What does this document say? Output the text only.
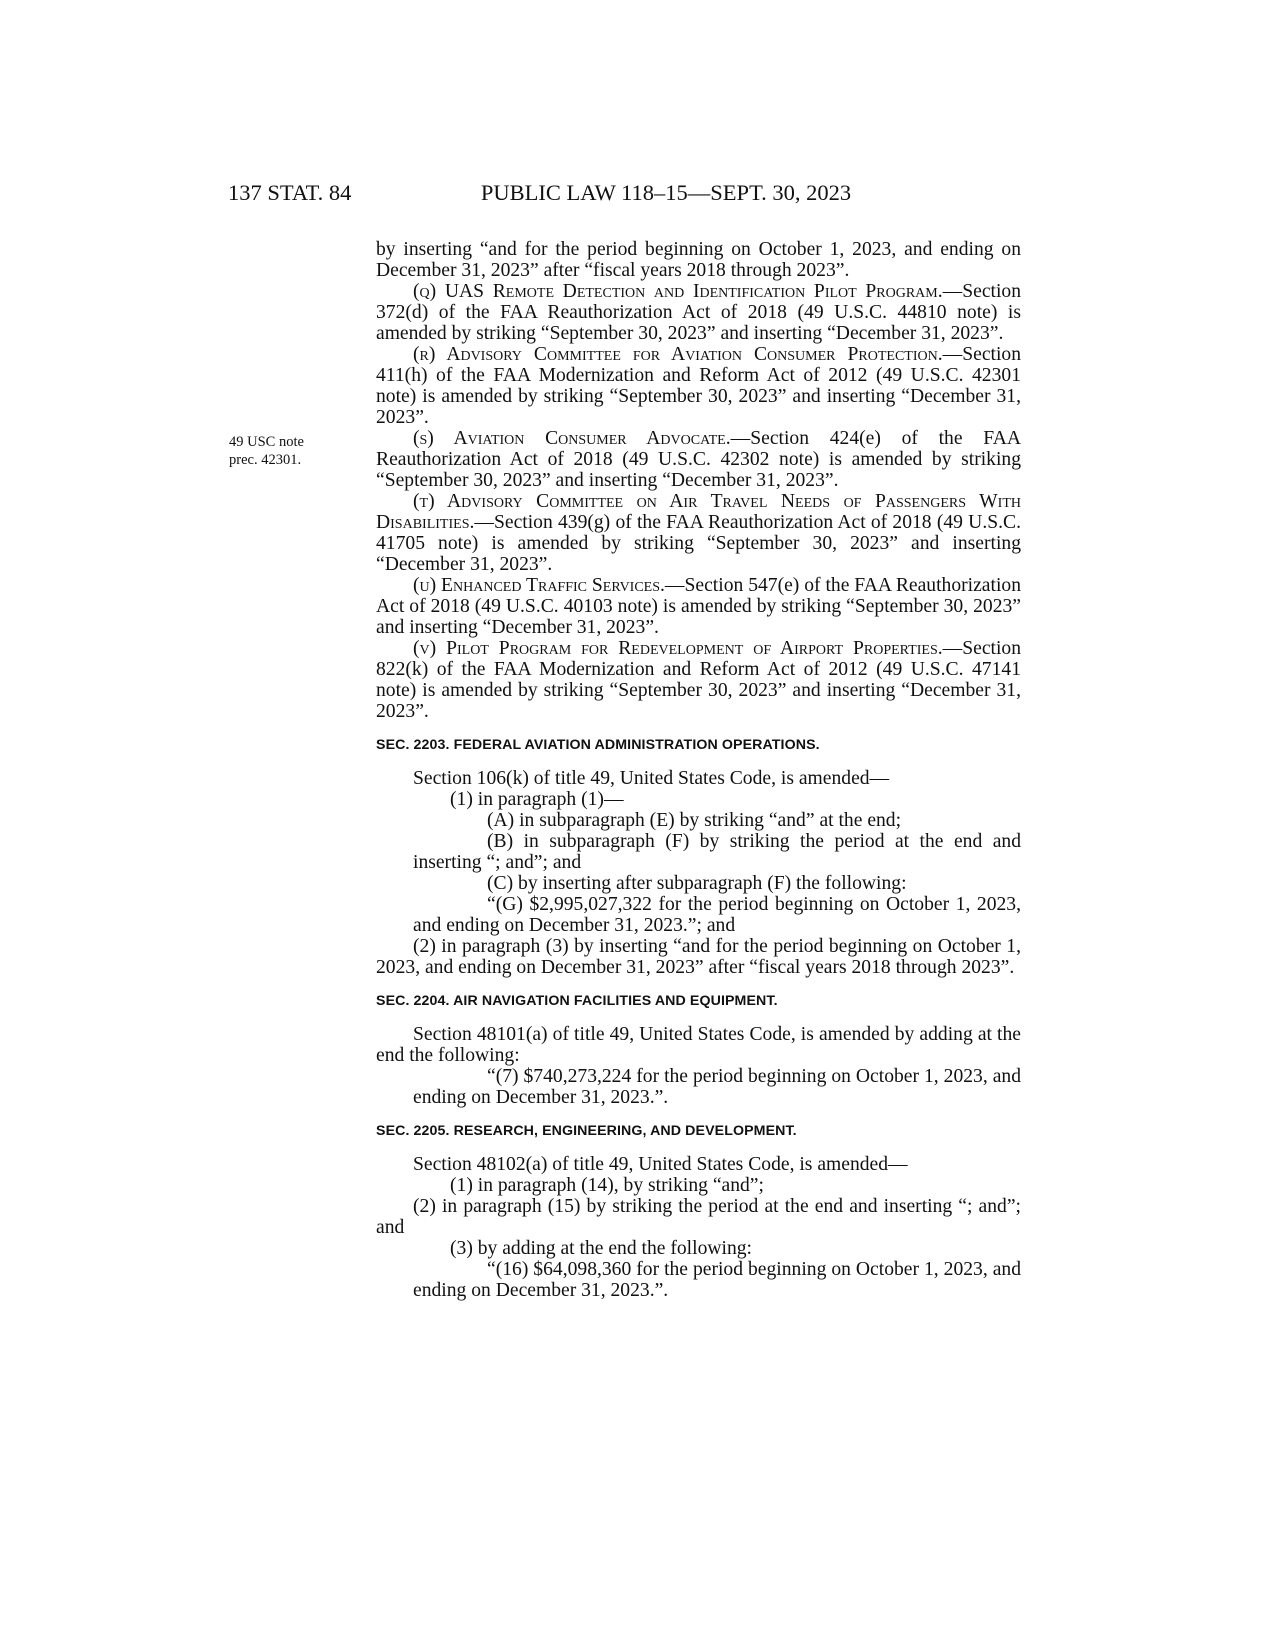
137 STAT. 84	PUBLIC LAW 118–15—SEPT. 30, 2023
49 USC note
prec. 42301.

by inserting “and for the period beginning on October 1, 2023, and ending on December 31, 2023” after “fiscal years 2018 through 2023”.

(q) UAS Remote Detection and Identification Pilot Program.—Section 372(d) of the FAA Reauthorization Act of 2018 (49 U.S.C. 44810 note) is amended by striking “September 30, 2023” and inserting “December 31, 2023”.

(r) Advisory Committee for Aviation Consumer Protection.—Section 411(h) of the FAA Modernization and Reform Act of 2012 (49 U.S.C. 42301 note) is amended by striking “September 30, 2023” and inserting “December 31, 2023”.

(s) Aviation Consumer Advocate.—Section 424(e) of the FAA Reauthorization Act of 2018 (49 U.S.C. 42302 note) is amended by striking “September 30, 2023” and inserting “December 31, 2023”.

(t) Advisory Committee on Air Travel Needs of Passengers With Disabilities.—Section 439(g) of the FAA Reauthorization Act of 2018 (49 U.S.C. 41705 note) is amended by striking “September 30, 2023” and inserting “December 31, 2023”.

(u) Enhanced Traffic Services.—Section 547(e) of the FAA Reauthorization Act of 2018 (49 U.S.C. 40103 note) is amended by striking “September 30, 2023” and inserting “December 31, 2023”.

(v) Pilot Program for Redevelopment of Airport Properties.—Section 822(k) of the FAA Modernization and Reform Act of 2012 (49 U.S.C. 47141 note) is amended by striking “September 30, 2023” and inserting “December 31, 2023”.

SEC. 2203. FEDERAL AVIATION ADMINISTRATION OPERATIONS.

Section 106(k) of title 49, United States Code, is amended—

(1) in paragraph (1)—

(A) in subparagraph (E) by striking “and” at the end;

(B) in subparagraph (F) by striking the period at the end and inserting “; and”; and

(C) by inserting after subparagraph (F) the following:

“(G) $2,995,027,322 for the period beginning on October 1, 2023, and ending on December 31, 2023.”; and

(2) in paragraph (3) by inserting “and for the period beginning on October 1, 2023, and ending on December 31, 2023” after “fiscal years 2018 through 2023”.

SEC. 2204. AIR NAVIGATION FACILITIES AND EQUIPMENT.

Section 48101(a) of title 49, United States Code, is amended by adding at the end the following:

“(7) $740,273,224 for the period beginning on October 1, 2023, and ending on December 31, 2023.”.

SEC. 2205. RESEARCH, ENGINEERING, AND DEVELOPMENT.

Section 48102(a) of title 49, United States Code, is amended—

(1) in paragraph (14), by striking “and”;

(2) in paragraph (15) by striking the period at the end and inserting “; and”; and

(3) by adding at the end the following:

“(16) $64,098,360 for the period beginning on October 1, 2023, and ending on December 31, 2023.”.
